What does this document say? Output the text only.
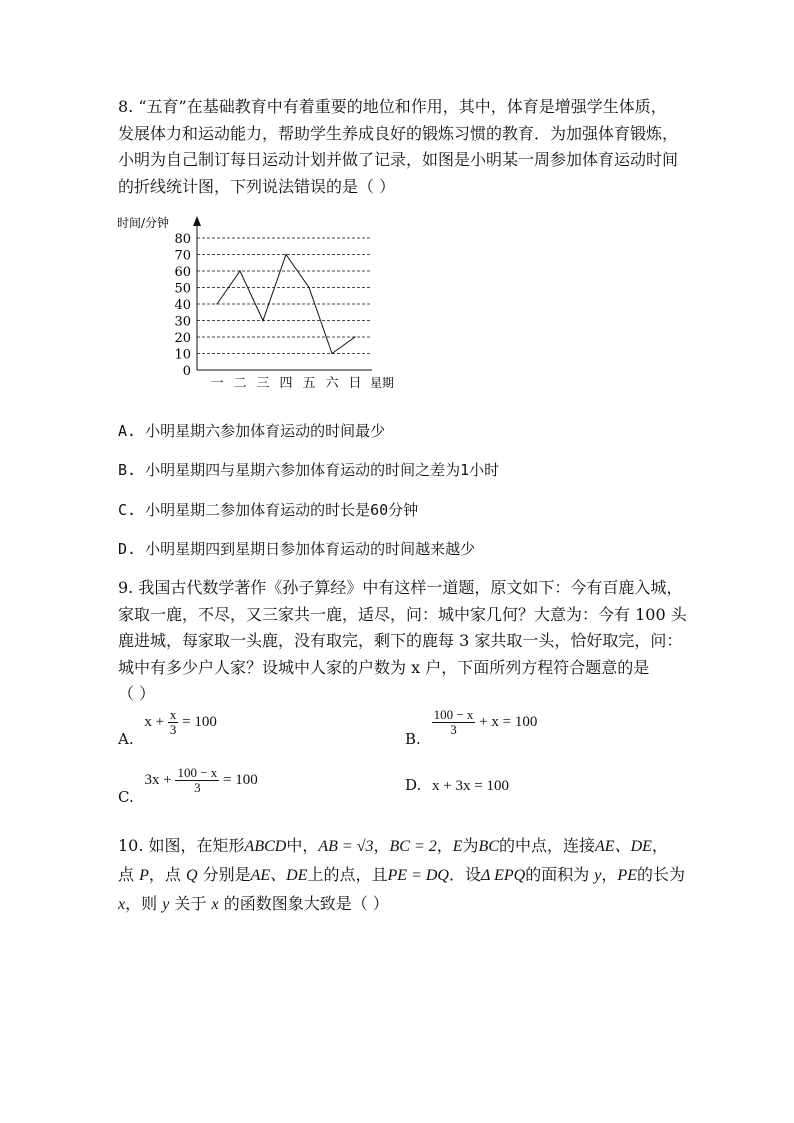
8. “五育”在基础教育中有着重要的地位和作用，其中，体育是增强学生体质，
发展体力和运动能力，帮助学生养成良好的锻炼习惯的教育．为加强体育锻炼，
小明为自己制订每日运动计划并做了记录，如图是小明某一周参加体育运动时间
的折线统计图，下列说法错误的是（ ）
时间/分钟
星期
0
10
20
30
40
50
60
70
80
一 二 三 四 五 六 日
A. 小明星期六参加体育运动的时间最少
B. 小明星期四与星期六参加体育运动的时间之差为1小时
C. 小明星期二参加体育运动的时长是60分钟
D. 小明星期四到星期日参加体育运动的时间越来越少
9. 我国古代数学著作《孙子算经》中有这样一道题，原文如下：今有百鹿入城，
家取一鹿，不尽，又三家共一鹿，适尽，问：城中家几何？大意为：今有 100 头
鹿进城，每家取一头鹿，没有取完，剩下的鹿每 3 家共取一头，恰好取完，问：
城中有多少户人家？设城中人家的户数为 x 户，下面所列方程符合题意的是
（ ）
A. $x + \frac{x}{3} = 100$
B.
$\frac{100 - x}{3} + x = 100$
C. $3x + \frac{100 - x}{3} = 100$	D. x + 3x = 100
10. 如图，在矩形ABCD中，AB = √3，BC = 2，E为BC的中点，连接AE、DE，
点 P，点 Q 分别是AE、DE上的点，且PE = DQ．设Δ EPQ的面积为 y，PE的长为
x，则 y 关于 x 的函数图象大致是（ ）
